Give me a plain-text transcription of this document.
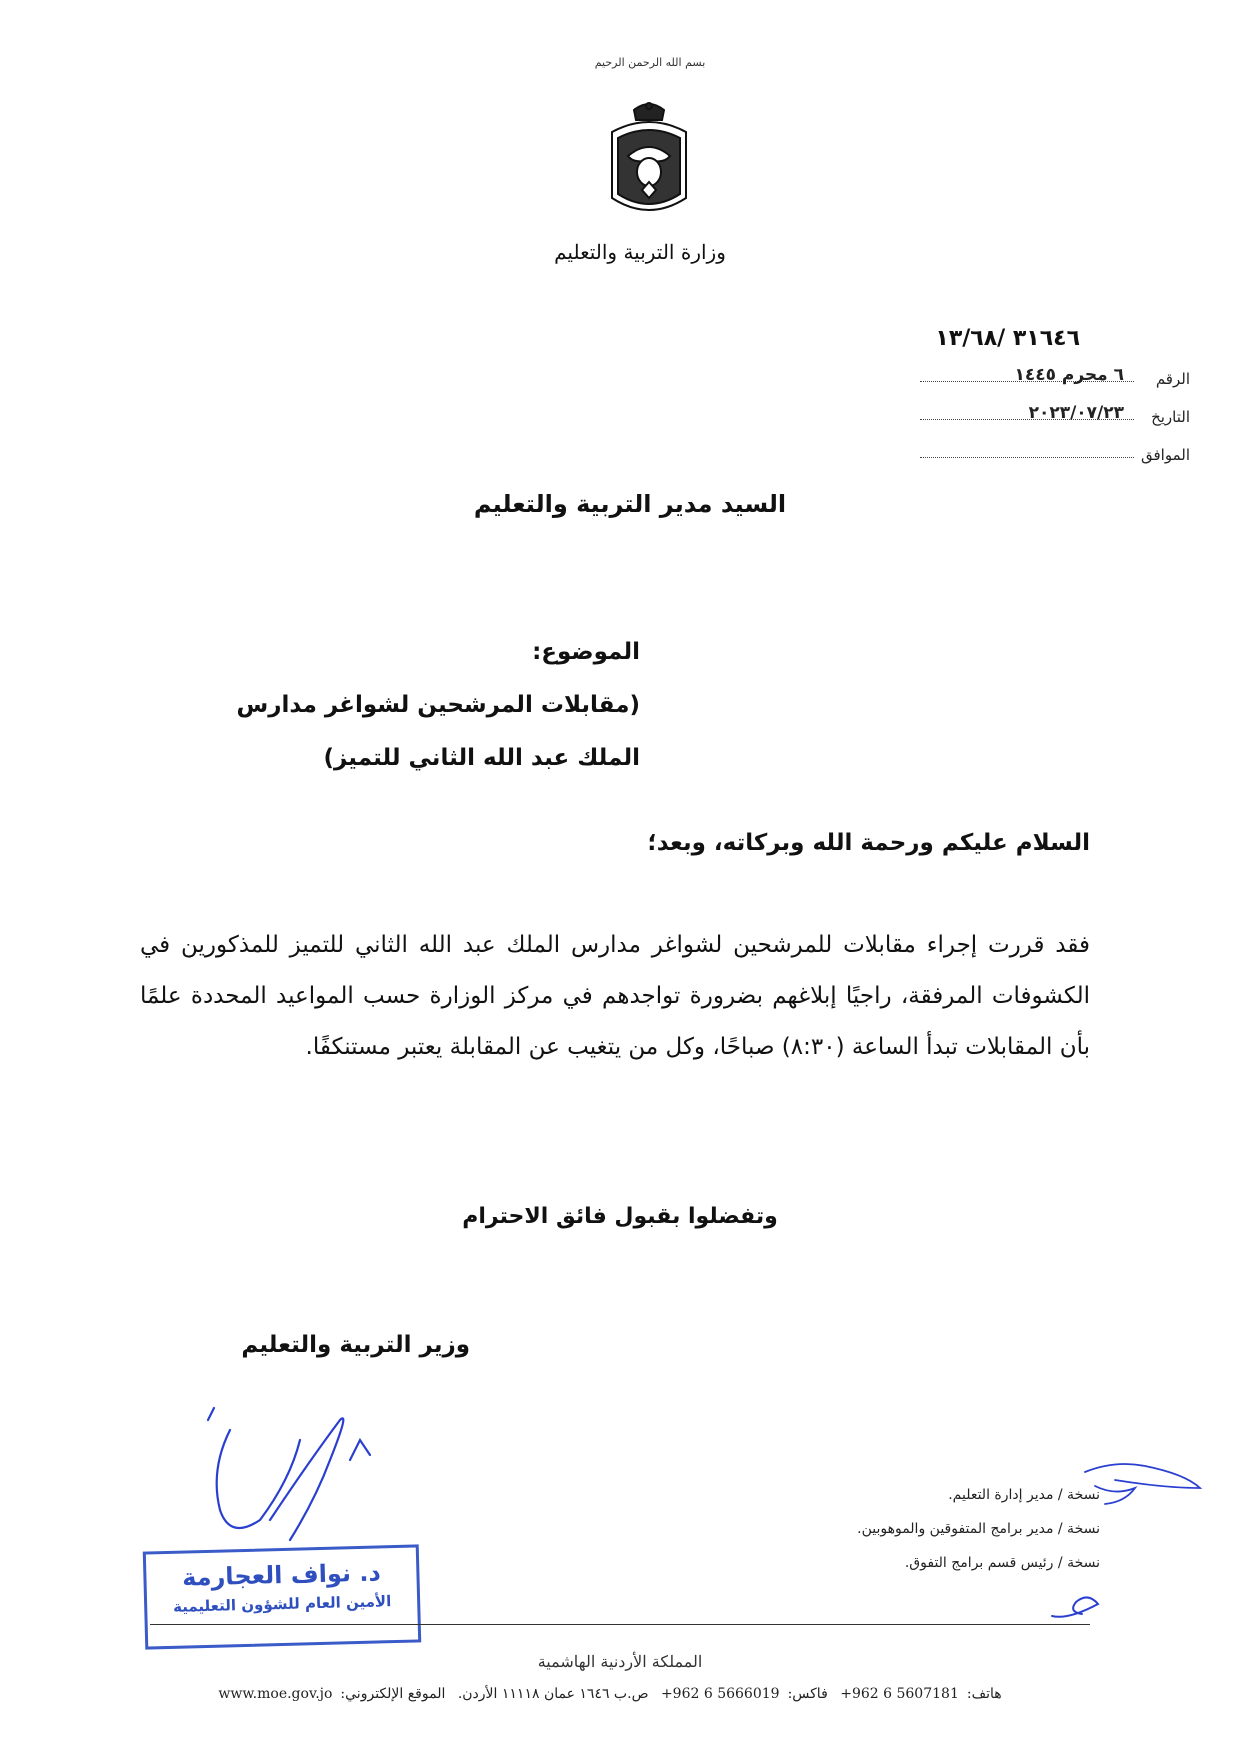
بسم الله الرحمن الرحيم
وزارة التربية والتعليم
٣١٦٤٦ /١٣/٦٨
الرقم
٦ محرم ١٤٤٥
التاريخ
٢٠٢٣/٠٧/٢٣
الموافق
السيد مدير التربية والتعليم
الموضوع:
(مقابلات المرشحين لشواغر مدارس
الملك عبد الله الثاني للتميز)
السلام عليكم ورحمة الله وبركاته، وبعد؛
فقد قررت إجراء مقابلات للمرشحين لشواغر مدارس الملك عبد الله الثاني للتميز للمذكورين في الكشوفات المرفقة، راجيًا إبلاغهم بضرورة تواجدهم في مركز الوزارة حسب المواعيد المحددة علمًا بأن المقابلات تبدأ الساعة (٨:٣٠) صباحًا، وكل من يتغيب عن المقابلة يعتبر مستنكفًا.
وتفضلوا بقبول فائق الاحترام
وزير التربية والتعليم
نسخة / مدير إدارة التعليم.
نسخة / مدير برامج المتفوقين والموهوبين.
نسخة / رئيس قسم برامج التفوق.
د. نواف العجارمة
الأمين العام للشؤون التعليمية
المملكة الأردنية الهاشمية
هاتف:+962 6 5607181 فاكس:+962 6 5666019 ص.ب ١٦٤٦ عمان ١١١١٨ الأردن. الموقع الإلكتروني:www.moe.gov.jo
